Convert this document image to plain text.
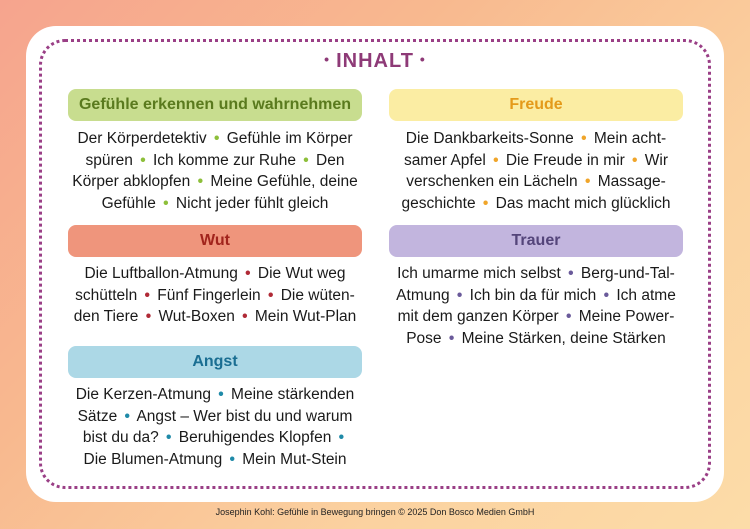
• INHALT •
Gefühle erkennen und wahrnehmen
Der Körperdetektiv • Gefühle im Körper
spüren • Ich komme zur Ruhe • Den
Körper abklopfen • Meine Gefühle, deine
Gefühle • Nicht jeder fühlt gleich
Freude
Die Dankbarkeits-Sonne • Mein acht-
samer Apfel • Die Freude in mir • Wir
verschenken ein Lächeln • Massage-
geschichte • Das macht mich glücklich
Wut
Die Luftballon-Atmung • Die Wut weg
schütteln • Fünf Fingerlein • Die wüten-
den Tiere • Wut-Boxen • Mein Wut-Plan
Trauer
Ich umarme mich selbst • Berg-und-Tal-
Atmung • Ich bin da für mich • Ich atme
mit dem ganzen Körper • Meine Power-
Pose • Meine Stärken, deine Stärken
Angst
Die Kerzen-Atmung • Meine stärkenden
Sätze • Angst – Wer bist du und warum
bist du da? • Beruhigendes Klopfen •
Die Blumen-Atmung • Mein Mut-Stein
Josephin Kohl: Gefühle in Bewegung bringen © 2025 Don Bosco Medien GmbH
